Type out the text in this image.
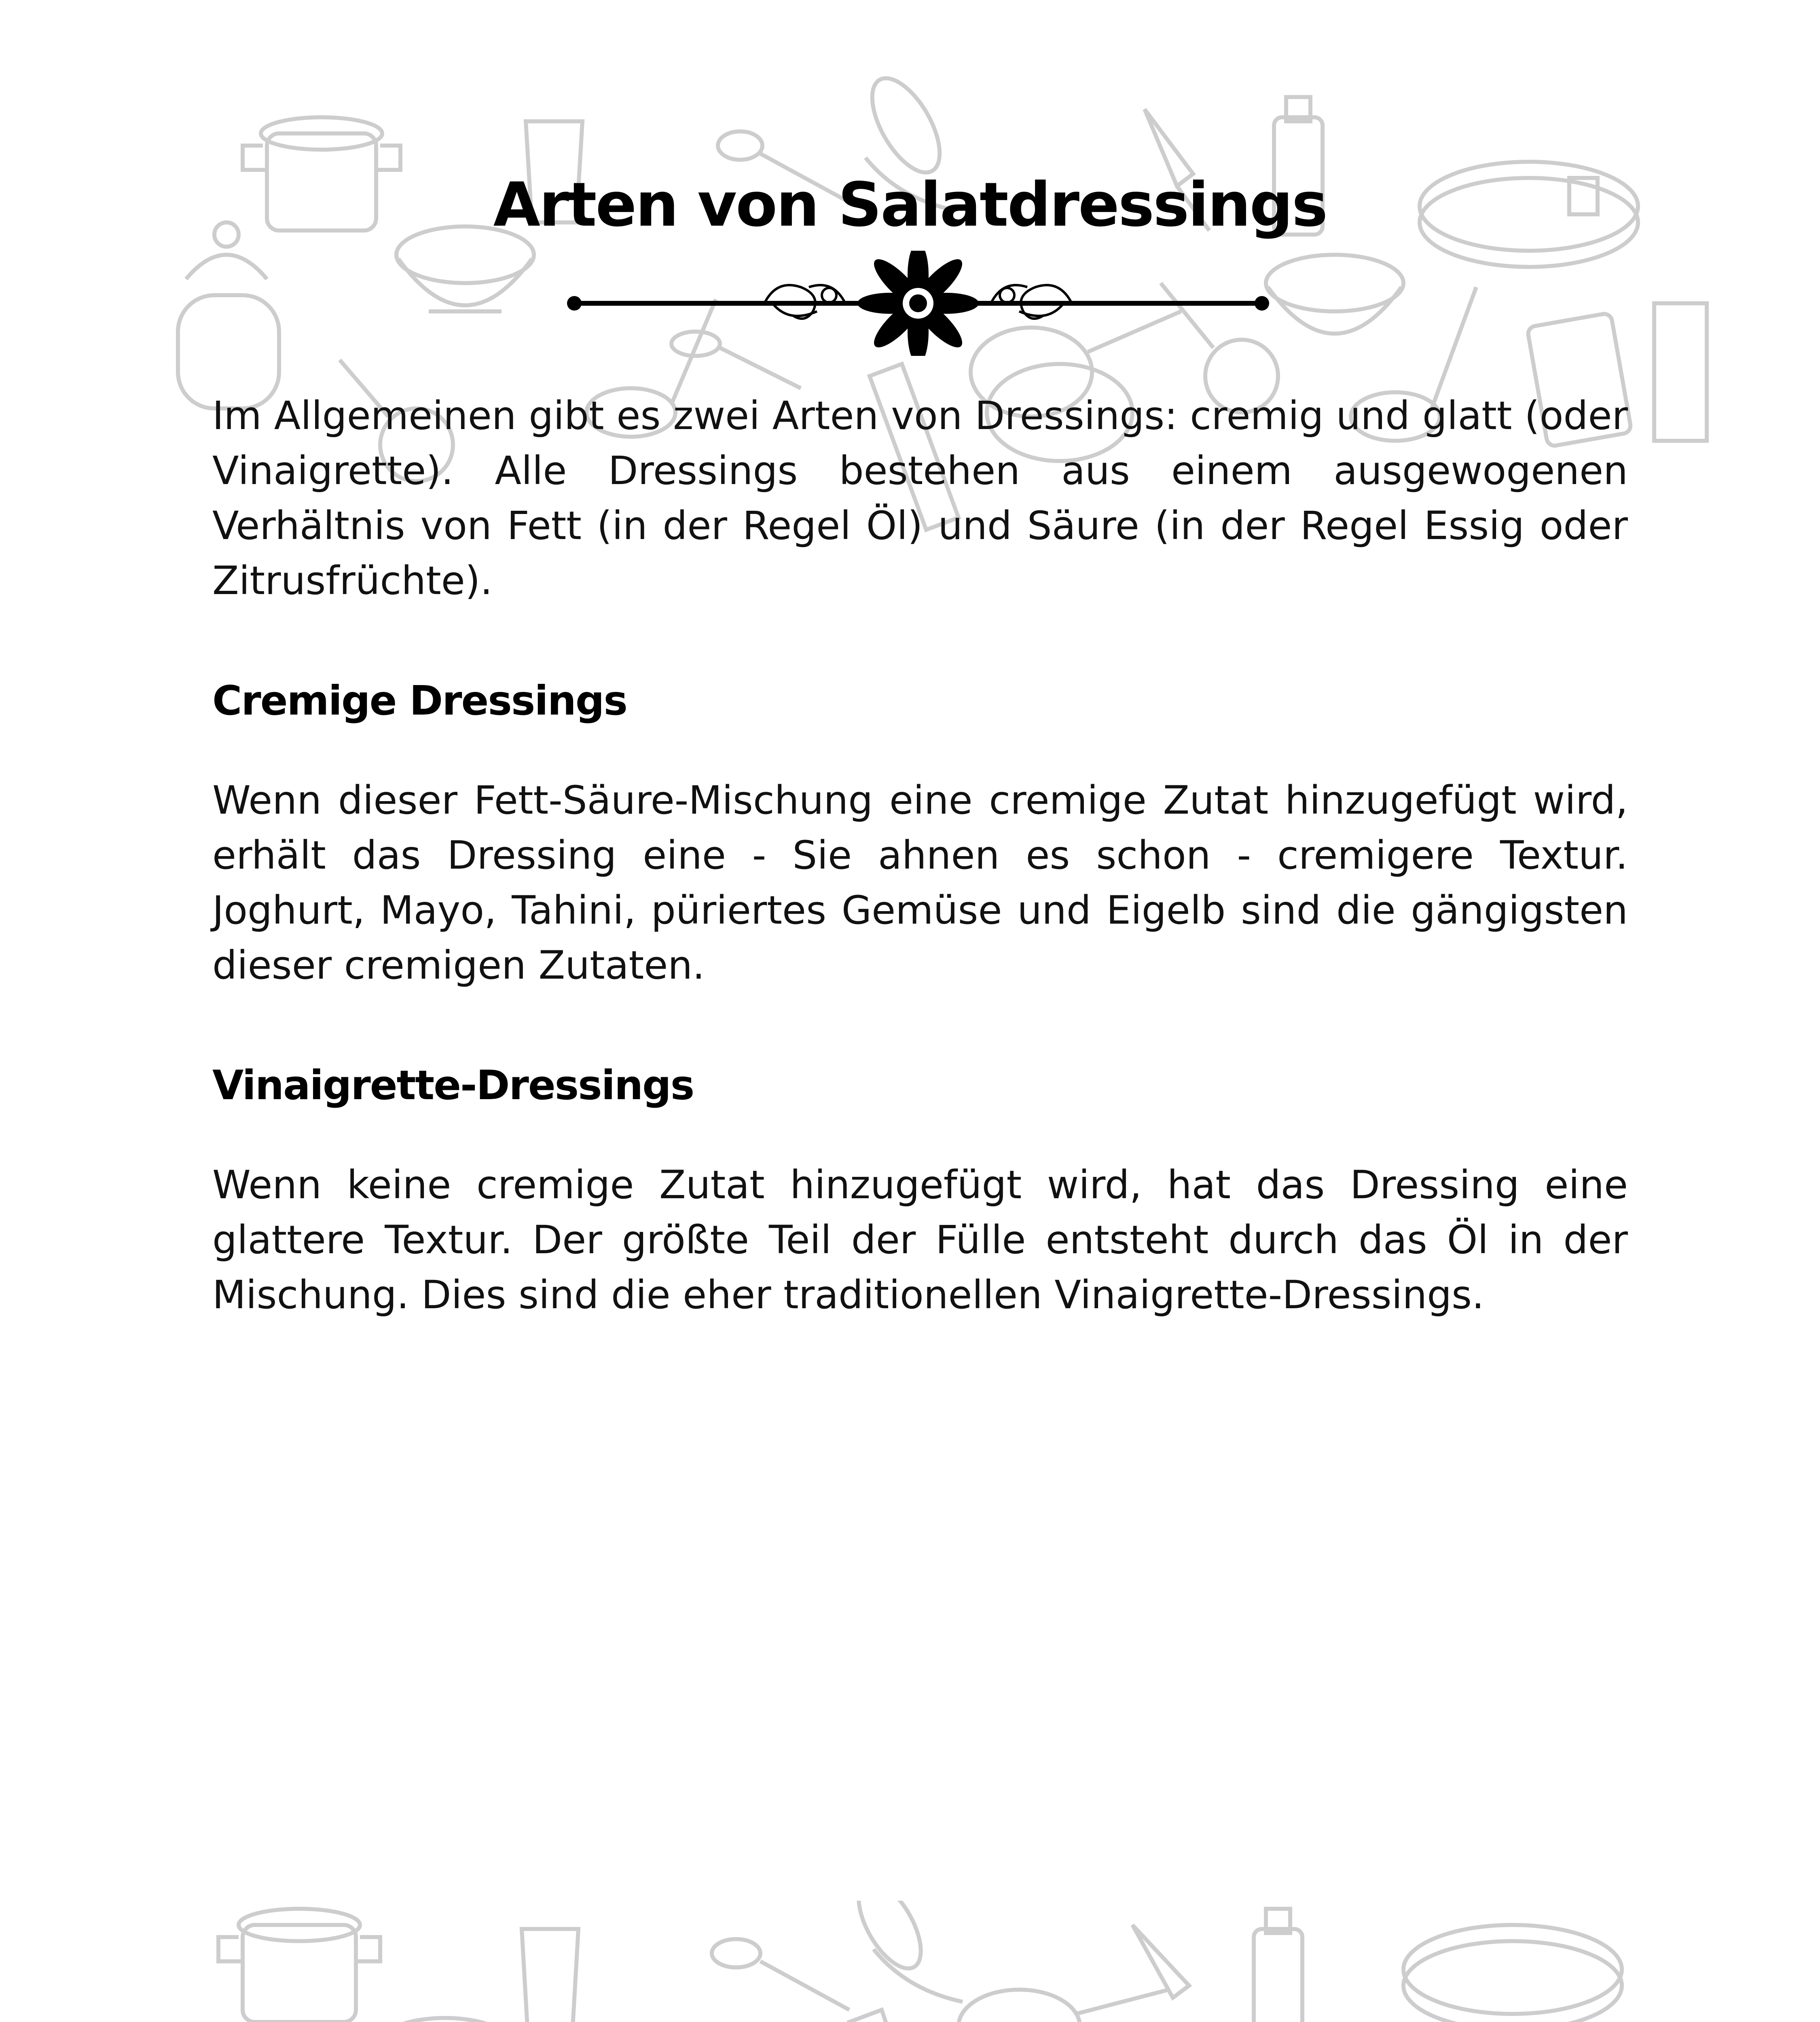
Arten von Salatdressings

Im Allgemeinen gibt es zwei Arten von Dressings: cremig und glatt (oder Vinaigrette). Alle Dressings bestehen aus einem ausgewogenen Verhältnis von Fett (in der Regel Öl) und Säure (in der Regel Essig oder Zitrusfrüchte).

Cremige Dressings

Wenn dieser Fett-Säure-Mischung eine cremige Zutat hinzugefügt wird, erhält das Dressing eine - Sie ahnen es schon - cremigere Textur. Joghurt, Mayo, Tahini, püriertes Gemüse und Eigelb sind die gängigsten dieser cremigen Zutaten.

Vinaigrette-Dressings

Wenn keine cremige Zutat hinzugefügt wird, hat das Dressing eine glattere Textur. Der größte Teil der Fülle entsteht durch das Öl in der Mischung. Dies sind die eher traditionellen Vinaigrette-Dressings.
